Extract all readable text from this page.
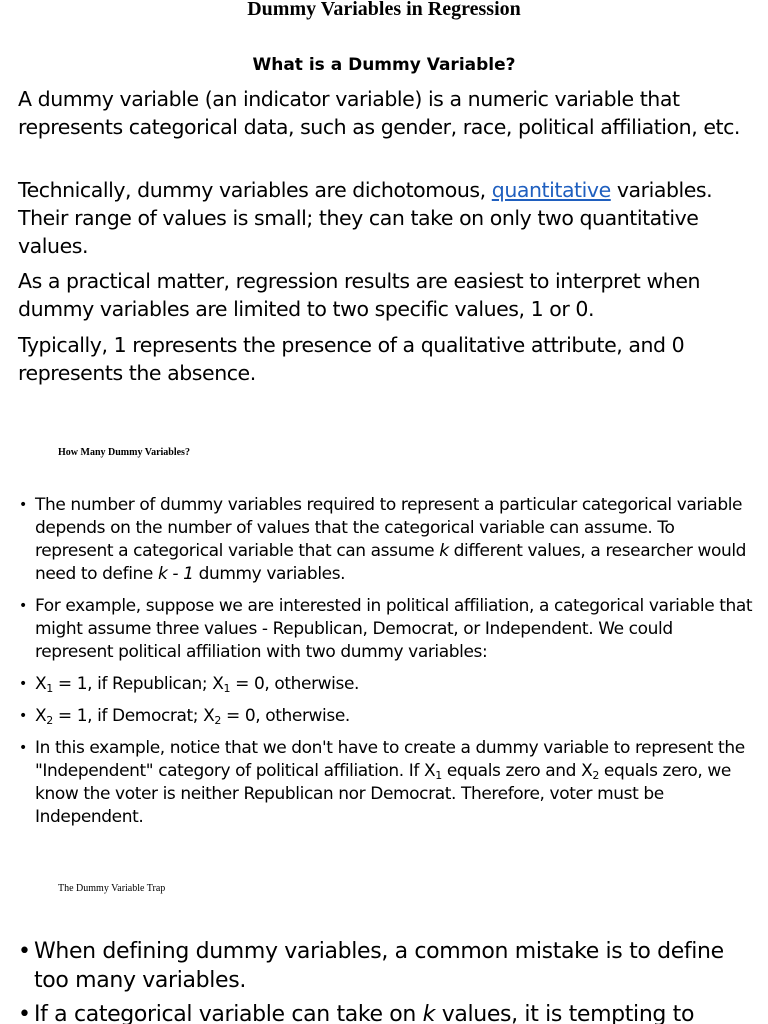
Dummy Variables in Regression
What is a Dummy Variable?
A dummy variable (an indicator variable) is a numeric variable that represents categorical data, such as gender, race, political affiliation, etc.
Technically, dummy variables are dichotomous, quantitative variables. Their range of values is small; they can take on only two quantitative values.
As a practical matter, regression results are easiest to interpret when dummy variables are limited to two specific values, 1 or 0.
Typically, 1 represents the presence of a qualitative attribute, and 0 represents the absence.
How Many Dummy Variables?
• The number of dummy variables required to represent a particular categorical variable depends on the number of values that the categorical variable can assume. To represent a categorical variable that can assume k different values, a researcher would need to define k - 1 dummy variables.
• For example, suppose we are interested in political affiliation, a categorical variable that might assume three values - Republican, Democrat, or Independent. We could represent political affiliation with two dummy variables:
• $X_1 = 1$, if Republican; $X_1 = 0$, otherwise.
• $X_2 = 1$, if Democrat; $X_2 = 0$, otherwise.
• In this example, notice that we don't have to create a dummy variable to represent the "Independent" category of political affiliation. If $X_1$ equals zero and $X_2$ equals zero, we know the voter is neither Republican nor Democrat. Therefore, voter must be Independent.
The Dummy Variable Trap
• When defining dummy variables, a common mistake is to define too many variables.
• If a categorical variable can take on k values, it is tempting to
